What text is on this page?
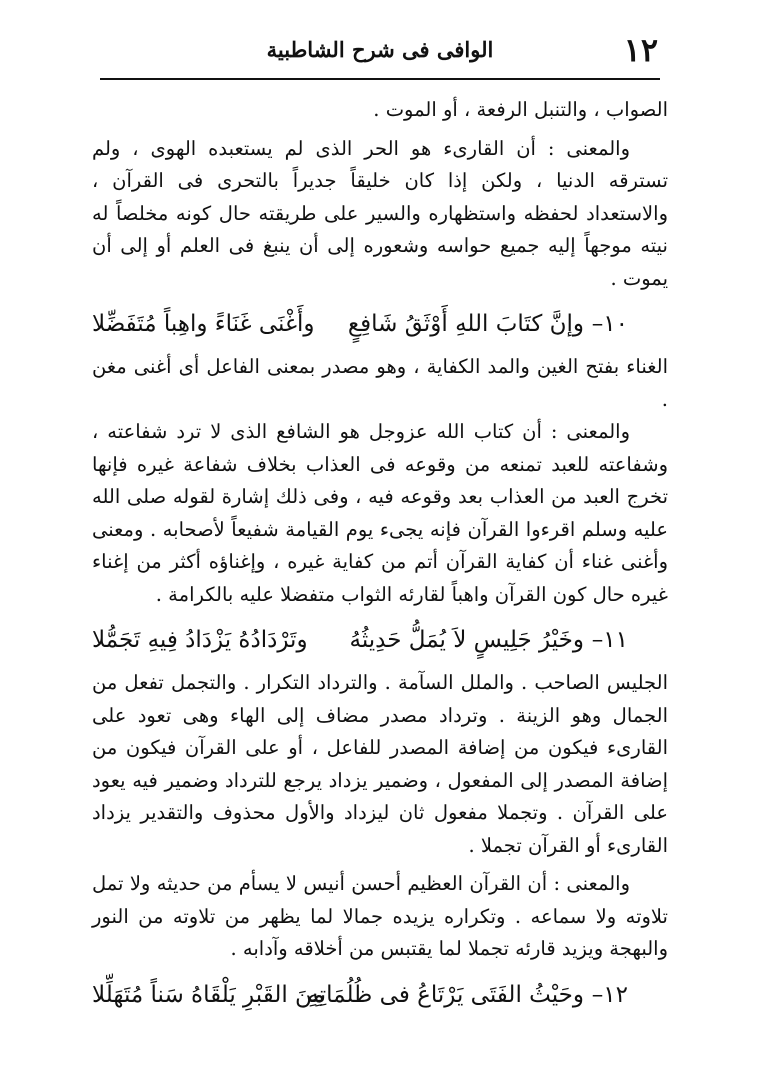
١٢
الوافى فى شرح الشاطبية

الصواب ، والتنبل الرفعة ، أو الموت .

والمعنى : أن القارىء هو الحر الذى لم يستعبده الهوى ، ولم تسترقه الدنيا ، ولكن إذا كان خليقاً جديراً بالتحرى فى القرآن ، والاستعداد لحفظه واستظهاره والسير على طريقته حال كونه مخلصاً له نيته موجهاً إليه جميع حواسه وشعوره إلى أن ينبغ فى العلم أو إلى أن يموت .

١٠–
وإنَّ كتَابَ اللهِ أَوْثَقُ شَافِعٍ
وأَغْنَى غَنَاءً واهِباً مُتَفَضِّلا

الغناء بفتح الغين والمد الكفاية ، وهو مصدر بمعنى الفاعل أى أغنى مغن .

والمعنى : أن كتاب الله عزوجل هو الشافع الذى لا ترد شفاعته ، وشفاعته للعبد تمنعه من وقوعه فى العذاب بخلاف شفاعة غيره فإنها تخرج العبد من العذاب بعد وقوعه فيه ، وفى ذلك إشارة لقوله صلى الله عليه وسلم اقرءوا القرآن فإنه يجىء يوم القيامة شفيعاً لأصحابه . ومعنى وأغنى غناء أن كفاية القرآن أتم من كفاية غيره ، وإغناؤه أكثر من إغناء غيره حال كون القرآن واهباً لقارئه الثواب متفضلا عليه بالكرامة .

١١–
وخَيْرُ جَلِيسٍ لاَ يُمَلُّ حَدِيثُهُ
وتَرْدَادُهُ يَزْدَادُ فِيهِ تَجَمُّلا

الجليس الصاحب . والملل السآمة . والترداد التكرار . والتجمل تفعل من الجمال وهو الزينة . وترداد مصدر مضاف إلى الهاء وهى تعود على القارىء فيكون من إضافة المصدر للفاعل ، أو على القرآن فيكون من إضافة المصدر إلى المفعول ، وضمير يزداد يرجع للترداد وضمير فيه يعود على القرآن . وتجملا مفعول ثان ليزداد والأول محذوف والتقدير يزداد القارىء أو القرآن تجملا .

والمعنى : أن القرآن العظيم أحسن أنيس لا يسأم من حديثه ولا تمل تلاوته ولا سماعه . وتكراره يزيده جمالا لما يظهر من تلاوته من النور والبهجة ويزيد قارئه تجملا لما يقتبس من أخلاقه وآدابه .

١٢–
وحَيْثُ الفَتَى يَرْتَاعُ فى ظُلُمَاتِهِ
مِنَ القَبْرِ يَلْقَاهُ سَناً مُتَهَلِّلا
